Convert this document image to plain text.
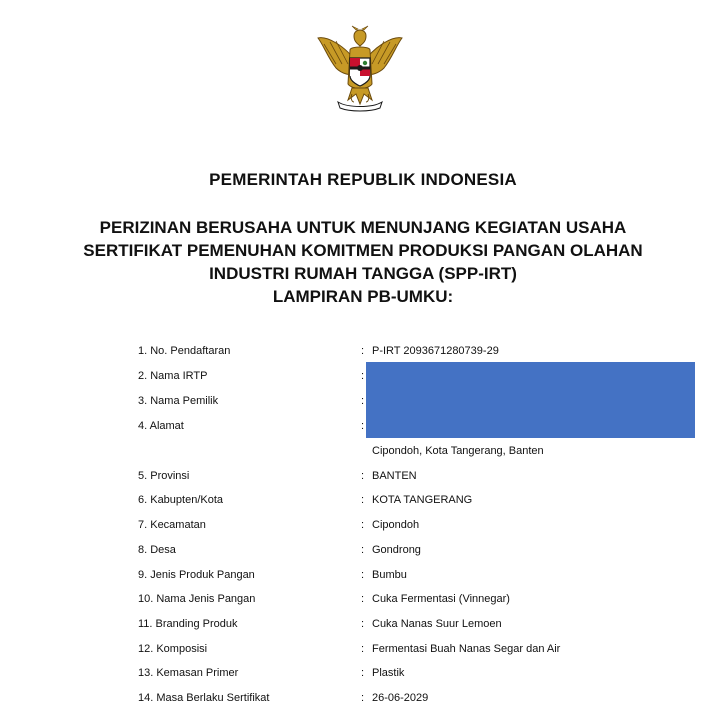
PEMERINTAH REPUBLIK INDONESIA
PERIZINAN BERUSAHA UNTUK MENUNJANG KEGIATAN USAHA
SERTIFIKAT PEMENUHAN KOMITMEN PRODUKSI PANGAN OLAHAN
INDUSTRI RUMAH TANGGA (SPP-IRT)
LAMPIRAN PB-UMKU:
1. No. Pendaftaran	: P-IRT 2093671280739-29
2. Nama IRTP	:
3. Nama Pemilik	:
4. Alamat	:
Cipondoh, Kota Tangerang, Banten
5. Provinsi	: BANTEN
6. Kabupten/Kota	: KOTA TANGERANG
7. Kecamatan	: Cipondoh
8. Desa	: Gondrong
9. Jenis Produk Pangan	: Bumbu
10. Nama Jenis Pangan	: Cuka Fermentasi (Vinnegar)
11. Branding Produk	: Cuka Nanas Suur Lemoen
12. Komposisi	: Fermentasi Buah Nanas Segar dan Air
13. Kemasan Primer	: Plastik
14. Masa Berlaku Sertifikat	: 26-06-2029
